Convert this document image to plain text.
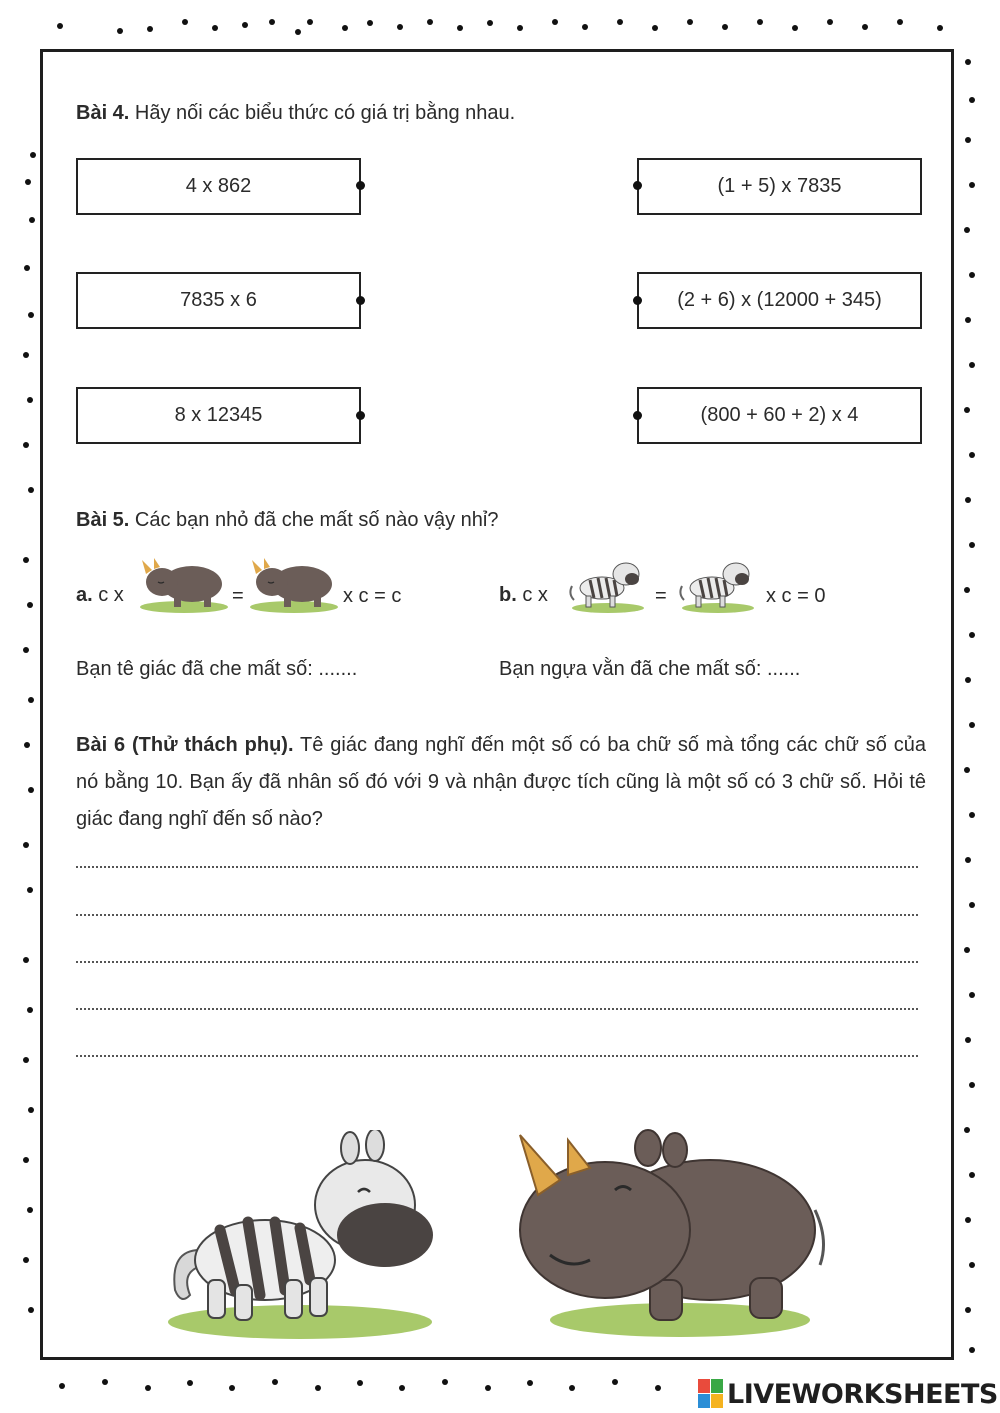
Bài 4. Hãy nối các biểu thức có giá trị bằng nhau.
4 x 862
7835 x 6
8 x 12345
(1 + 5) x 7835
(2 + 6) x (12000 + 345)
(800 + 60 + 2) x 4
Bài 5. Các bạn nhỏ đã che mất số nào vậy nhỉ?
a. c x	=	x c = c	b. c x	=	x c = 0
Bạn tê giác đã che mất số: .......	Bạn ngựa vằn đã che mất số: ......
Bài 6 (Thử thách phụ). Tê giác đang nghĩ đến một số có ba chữ số mà tổng các chữ số của nó bằng 10. Bạn ấy đã nhân số đó với 9 và nhận được tích cũng là một số có 3 chữ số. Hỏi tê giác đang nghĩ đến số nào?
LIVEWORKSHEETS
